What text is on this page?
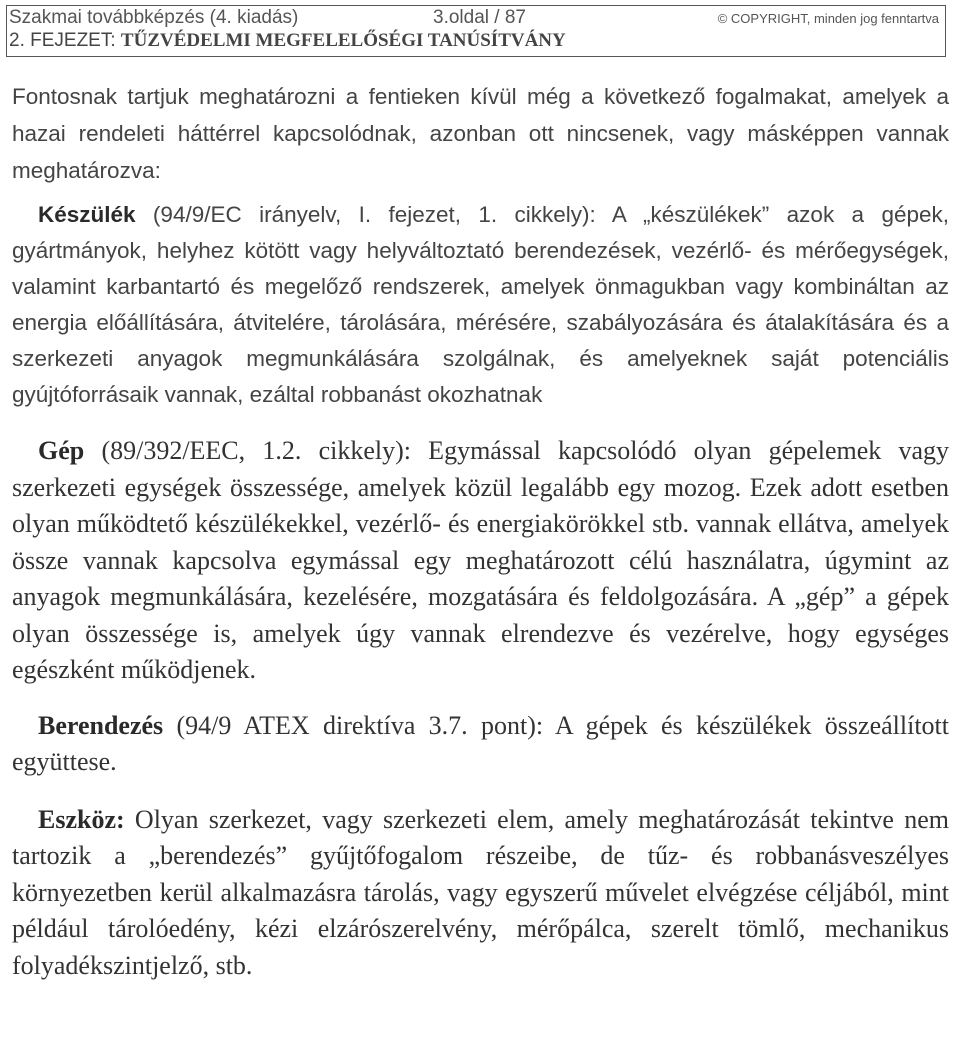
Szakmai továbbképzés (4. kiadás)	3.oldal / 87	© COPYRIGHT, minden jog fenntartva
2. FEJEZET: TŰZVÉDELMI MEGFELELŐSÉGI TANÚSÍTVÁNY

Fontosnak tartjuk meghatározni a fentieken kívül még a következő fogalmakat, amelyek a hazai rendeleti háttérrel kapcsolódnak, azonban ott nincsenek, vagy másképpen vannak meghatározva:

Készülék (94/9/EC irányelv, I. fejezet, 1. cikkely): A „készülékek” azok a gépek, gyártmányok, helyhez kötött vagy helyváltoztató berendezések, vezérlő- és mérőegységek, valamint karbantartó és megelőző rendszerek, amelyek önmagukban vagy kombináltan az energia előállítására, átvitelére, tárolására, mérésére, szabályozására és átalakítására és a szerkezeti anyagok megmunkálására szolgálnak, és amelyeknek saját potenciális gyújtóforrásaik vannak, ezáltal robbanást okozhatnak

Gép (89/392/EEC, 1.2. cikkely): Egymással kapcsolódó olyan gépelemek vagy szerkezeti egységek összessége, amelyek közül legalább egy mozog. Ezek adott esetben olyan működtető készülékekkel, vezérlő- és energiakörökkel stb. vannak ellátva, amelyek össze vannak kapcsolva egymással egy meghatározott célú használatra, úgymint az anyagok megmunkálására, kezelésére, mozgatására és feldolgozására. A „gép” a gépek olyan összessége is, amelyek úgy vannak elrendezve és vezérelve, hogy egységes egészként működjenek.

Berendezés (94/9 ATEX direktíva 3.7. pont): A gépek és készülékek összeállított együttese.

Eszköz: Olyan szerkezet, vagy szerkezeti elem, amely meghatározását tekintve nem tartozik a „berendezés” gyűjtőfogalom részeibe, de tűz- és robbanásveszélyes környezetben kerül alkalmazásra tárolás, vagy egyszerű művelet elvégzése céljából, mint például tárolóedény, kézi elzárószerelvény, mérőpálca, szerelt tömlő, mechanikus folyadékszintjelző, stb.
